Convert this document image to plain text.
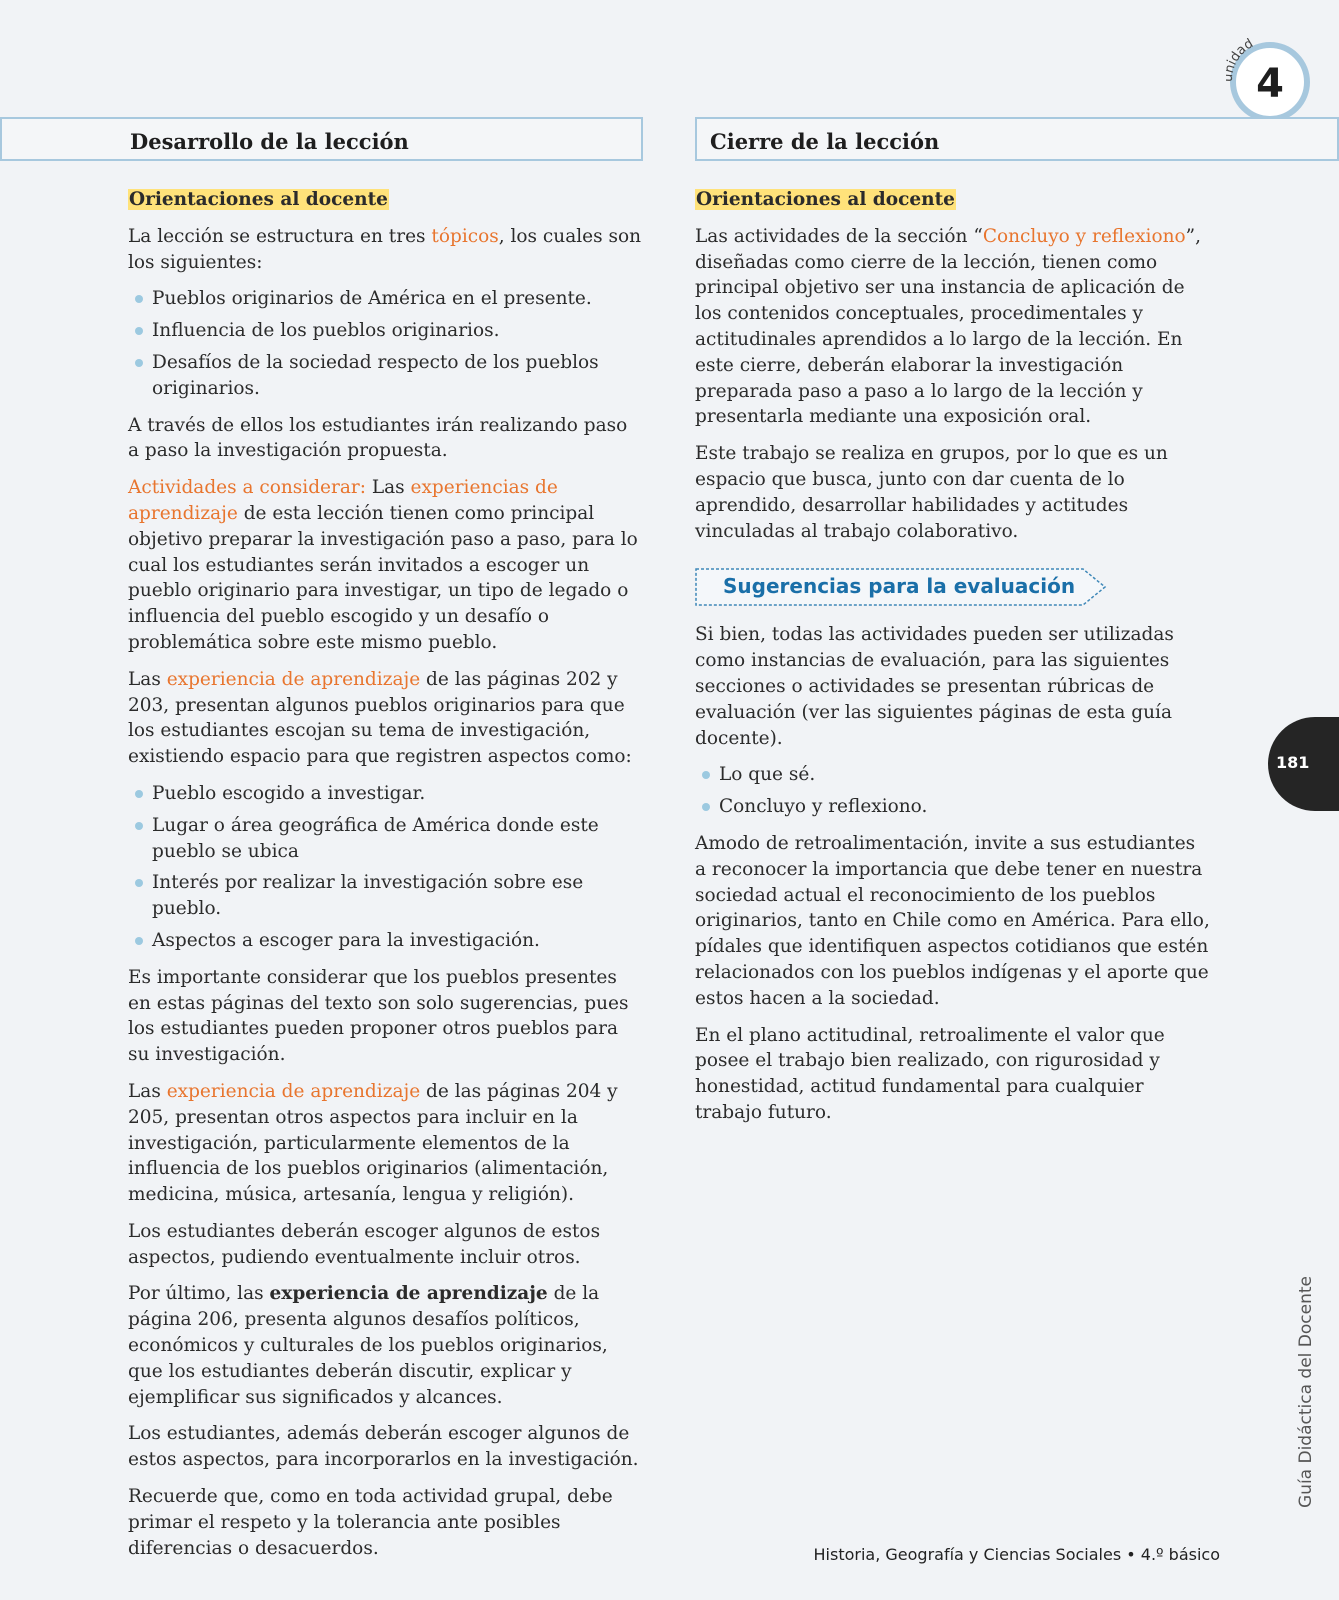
idad
4
Desarrollo de la lección	Cierre de la lección

Orientaciones al docente

La lección se estructura en tres tópicos, los cuales son los siguientes:

Pueblos originarios de América en el presente.
Influencia de los pueblos originarios.
Desafíos de la sociedad respecto de los pueblos originarios.

A través de ellos los estudiantes irán realizando paso a paso la investigación propuesta.

Actividades a considerar: Las experiencias de aprendizaje de esta lección tienen como principal objetivo preparar la investigación paso a paso, para lo cual los estudiantes serán invitados a escoger un pueblo originario para investigar, un tipo de legado o influencia del pueblo escogido y un desafío o problemática sobre este mismo pueblo.

Las experiencia de aprendizaje de las páginas 202 y 203, presentan algunos pueblos originarios para que los estudiantes escojan su tema de investigación, existiendo espacio para que registren aspectos como:

Pueblo escogido a investigar.
Lugar o área geográfica de América donde este pueblo se ubica
Interés por realizar la investigación sobre ese pueblo.
Aspectos a escoger para la investigación.

Es importante considerar que los pueblos presentes en estas páginas del texto son solo sugerencias, pues los estudiantes pueden proponer otros pueblos para su investigación.

Las experiencia de aprendizaje de las páginas 204 y 205, presentan otros aspectos para incluir en la investigación, particularmente elementos de la influencia de los pueblos originarios (alimentación, medicina, música, artesanía, lengua y religión).

Los estudiantes deberán escoger algunos de estos aspectos, pudiendo eventualmente incluir otros.

Por último, las experiencia de aprendizaje de la página 206, presenta algunos desafíos políticos, económicos y culturales de los pueblos originarios, que los estudiantes deberán discutir, explicar y ejemplificar sus significados y alcances.

Los estudiantes, además deberán escoger algunos de estos aspectos, para incorporarlos en la investigación.

Recuerde que, como en toda actividad grupal, debe primar el respeto y la tolerancia ante posibles diferencias o desacuerdos.

Orientaciones al docente

Las actividades de la sección “Concluyo y reflexiono”, diseñadas como cierre de la lección, tienen como principal objetivo ser una instancia de aplicación de los contenidos conceptuales, procedimentales y actitudinales aprendidos a lo largo de la lección. En este cierre, deberán elaborar la investigación preparada paso a paso a lo largo de la lección y presentarla mediante una exposición oral.

Este trabajo se realiza en grupos, por lo que es un espacio que busca, junto con dar cuenta de lo aprendido, desarrollar habilidades y actitudes vinculadas al trabajo colaborativo.

Sugerencias para la evaluación

Si bien, todas las actividades pueden ser utilizadas como instancias de evaluación, para las siguientes secciones o actividades se presentan rúbricas de evaluación (ver las siguientes páginas de esta guía docente).

Lo que sé.
Concluyo y reflexiono.

Amodo de retroalimentación, invite a sus estudiantes a reconocer la importancia que debe tener en nuestra sociedad actual el reconocimiento de los pueblos originarios, tanto en Chile como en América. Para ello, pídales que identifiquen aspectos cotidianos que estén relacionados con los pueblos indígenas y el aporte que estos hacen a la sociedad.

En el plano actitudinal, retroalimente el valor que posee el trabajo bien realizado, con rigurosidad y honestidad, actitud fundamental para cualquier trabajo futuro.

181
Guía Didáctica del Docente
Historia, Geografía y Ciencias Sociales • 4.º básico
